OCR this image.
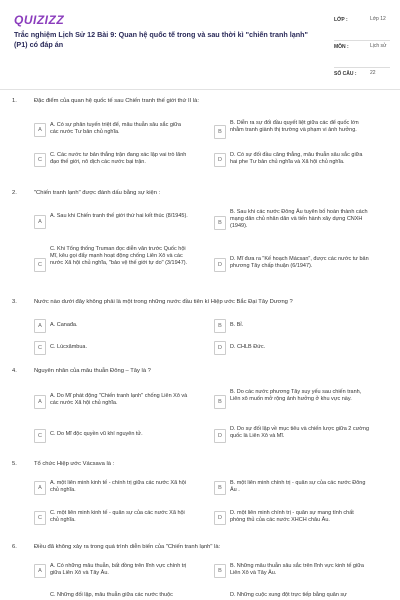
QUIZIZZ
Trắc nghiệm Lịch Sử 12 Bài 9: Quan hệ quốc tế trong và sau thời kì "chiến tranh lạnh" (P1) có đáp án
LỚP :	Lớp 12
MÔN :	Lịch sử
SỐ CÂU :	22
1.	Đặc điểm của quan hệ quốc tế sau Chiến tranh thế giới thứ II là:
A
A. Có sự phân tuyến triệt để, mâu thuẫn sâu sắc giữa các nước Tư bản chủ nghĩa.	B
B. Diễn ra sự đối đầu quyết liệt giữa các để quốc lớn nhằm tranh giành thị trường và phạm vi ảnh hưởng.
C
C. Các nước tư bản thắng trận đang xác lập vai trò lãnh đạo thế giới, nô dịch các nước bại trận.	D
D. Có sự đối đầu căng thẳng, mâu thuẫn sâu sắc giữa hai phe Tư bản chủ nghĩa và Xã hội chủ nghĩa.
2.	"Chiến tranh lạnh" được đánh dấu bằng sự kiện :
A
A. Sau khi Chiến tranh thế giới thứ hai kết thúc (8/1945).
B
B. Sau khi các nước Đông Âu tuyên bố hoàn thành cách mạng dân chủ nhân dân và tiến hành xây dựng CNXH (1949).
C
C. Khi Tổng thống Truman đọc diễn văn trước Quốc hội Mĩ, kêu gọi đẩy mạnh hoạt động chống Liên Xô và các nước Xã hội chủ nghĩa, "bảo vệ thế giới tự do" (3/1947).	D
D. Mĩ đưa ra "Kế hoạch Mácsan", được các nước tư bản phương Tây chấp thuận (6/1947).
3.	Nước nào dưới đây không phải là một trong những nước đầu tiên kí Hiệp ước Bắc Đại Tây Dương ?
A	A. Canađa.	B	B. Bỉ.
C	C. Lúcxămbua.	D	D. CHLB Đức.
4.	Nguyên nhân của mâu thuẫn Đông – Tây là ?
A
A. Do Mĩ phát động "Chiến tranh lạnh" chống Liên Xô và các nước Xã hội chủ nghĩa.	B
B. Do các nước phương Tây suy yếu sau chiến tranh, Liên xô muốn mở rộng ảnh hưởng ở khu vực này.
C	C. Do Mĩ độc quyền vũ khí nguyên tử.	D
D. Do sự đối lập về mục tiêu và chiến lược giữa 2 cường quốc là Liên Xô và Mĩ.
5.	Tổ chức Hiệp ước Vácsava là :
A
A. một liên minh kinh tế - chính trị giữa các nước Xã hội chủ nghĩa.	B
B. một liên minh chính trị - quân sự của các nước Đông Âu .
C
C. một liên minh kinh tế - quân sự của các nước Xã hội chủ nghĩa.	D
D. một liên minh chính trị - quân sự mang tính chất phòng thủ của các nước XHCH châu Âu.
6.	Điều đã không xảy ra trong quá trình diễn biến của "Chiến tranh lạnh" là:
A
A. Có những mâu thuẫn, bất đồng trên lĩnh vực chính trị giữa Liên Xô và Tây Âu.	B
B. Những mâu thuẫn sâu sắc trên lĩnh vực kinh tế giữa Liên Xô và Tây Âu.
C. Những đối lập, mâu thuẫn giữa các nước thuộc	D. Những cuộc xung đột trực tiếp bằng quân sự
